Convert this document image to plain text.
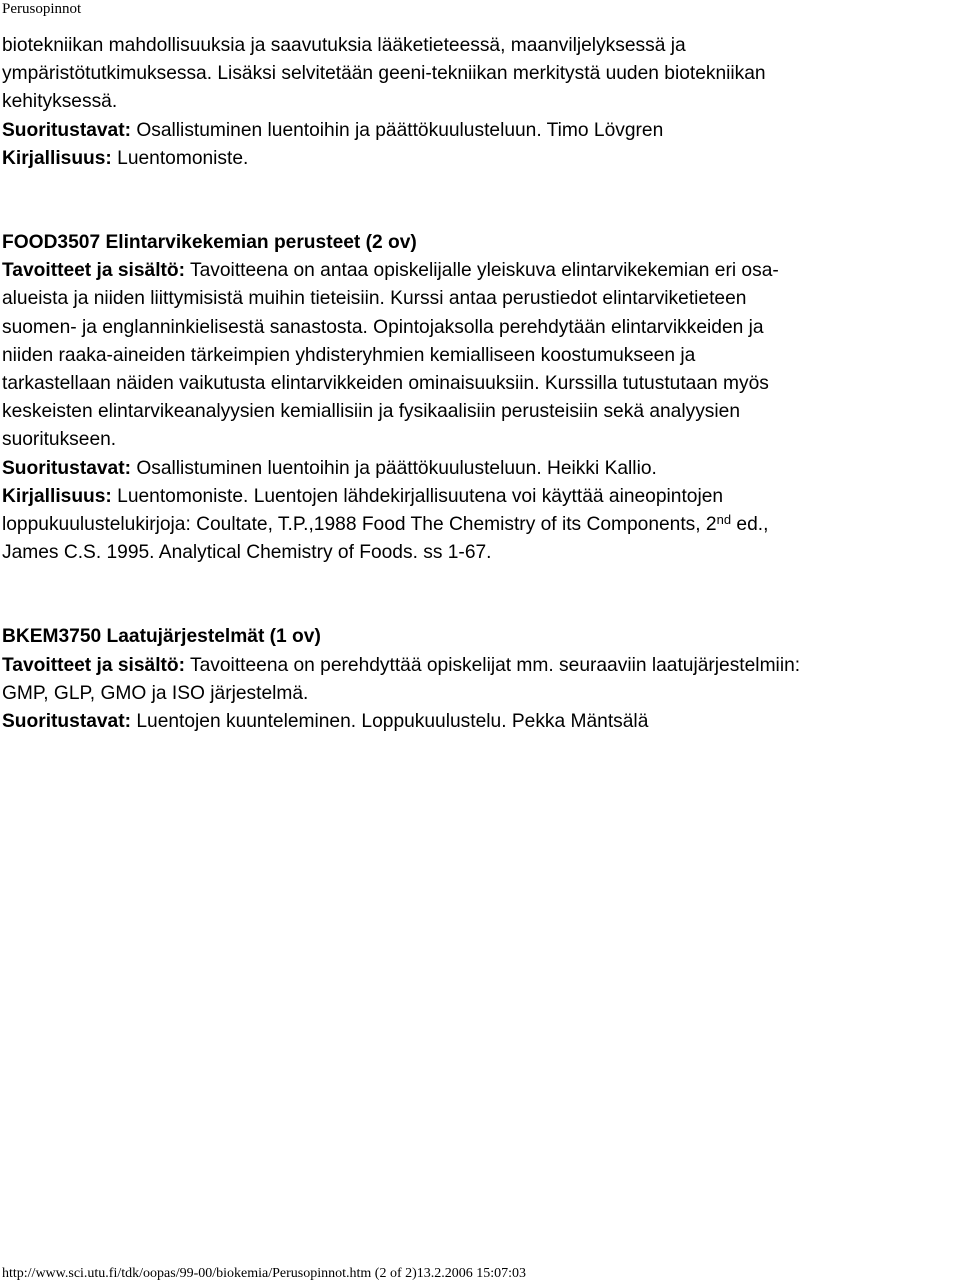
Perusopinnot

biotekniikan mahdollisuuksia ja saavutuksia lääketieteessä, maanviljelyksessä ja

ympäristötutkimuksessa. Lisäksi selvitetään geeni-tekniikan merkitystä uuden biotekniikan

kehityksessä.

Suoritustavat: Osallistuminen luentoihin ja päättökuulusteluun. Timo Lövgren

Kirjallisuus: Luentomoniste.

FOOD3507 Elintarvikekemian perusteet (2 ov)

Tavoitteet ja sisältö: Tavoitteena on antaa opiskelijalle yleiskuva elintarvikekemian eri osa-

alueista ja niiden liittymisistä muihin tieteisiin. Kurssi antaa perustiedot elintarviketieteen

suomen- ja englanninkielisestä sanastosta. Opintojaksolla perehdytään elintarvikkeiden ja

niiden raaka-aineiden tärkeimpien yhdisteryhmien kemialliseen koostumukseen ja

tarkastellaan näiden vaikutusta elintarvikkeiden ominaisuuksiin. Kurssilla tutustutaan myös

keskeisten elintarvikeanalyysien kemiallisiin ja fysikaalisiin perusteisiin sekä analyysien

suoritukseen.

Suoritustavat: Osallistuminen luentoihin ja päättökuulusteluun. Heikki Kallio.

Kirjallisuus: Luentomoniste. Luentojen lähdekirjallisuutena voi käyttää aineopintojen

loppukuulustelukirjoja: Coultate, T.P.,1988 Food The Chemistry of its Components, 2nd ed.,

James C.S. 1995. Analytical Chemistry of Foods. ss 1-67.

BKEM3750 Laatujärjestelmät (1 ov)

Tavoitteet ja sisältö: Tavoitteena on perehdyttää opiskelijat mm. seuraaviin laatujärjestelmiin:

GMP, GLP, GMO ja ISO järjestelmä.

Suoritustavat: Luentojen kuunteleminen. Loppukuulustelu. Pekka Mäntsälä

http://www.sci.utu.fi/tdk/oopas/99-00/biokemia/Perusopinnot.htm (2 of 2)13.2.2006 15:07:03
